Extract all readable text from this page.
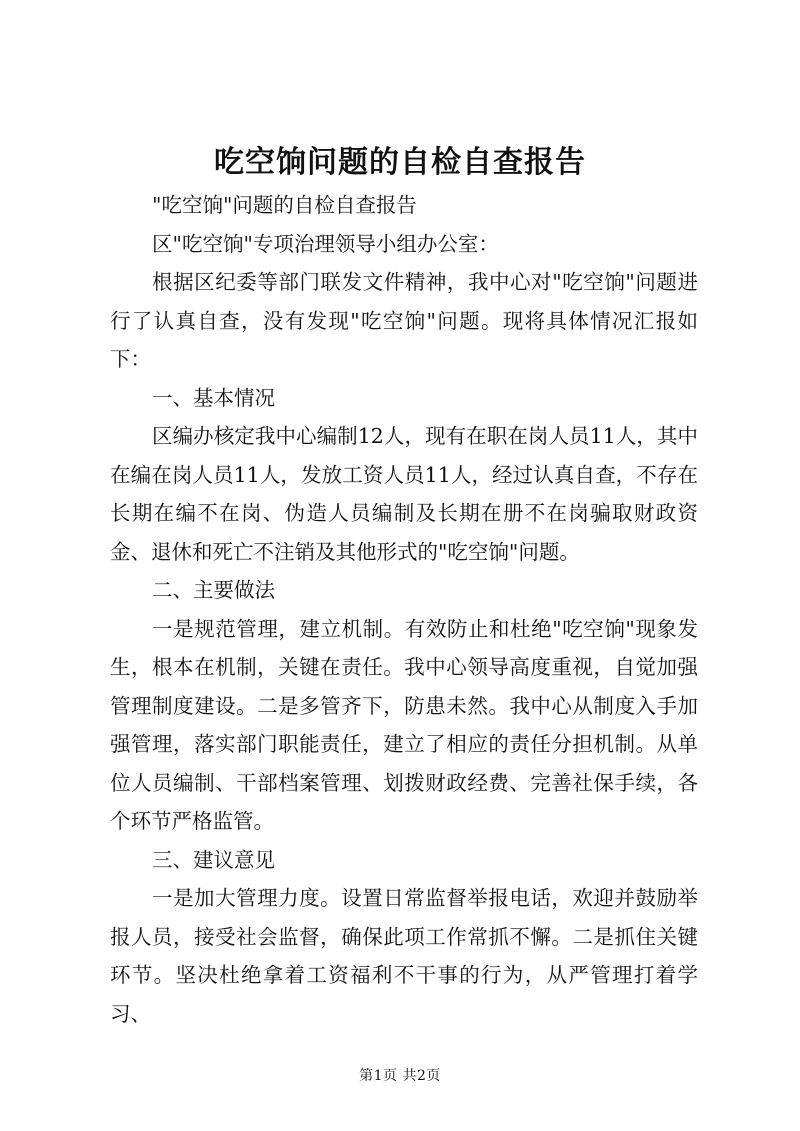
吃空饷问题的自检自查报告

"吃空饷"问题的自检自查报告

区"吃空饷"专项治理领导小组办公室：

根据区纪委等部门联发文件精神，我中心对"吃空饷"问题进行了认真自查，没有发现"吃空饷"问题。现将具体情况汇报如下：

一、基本情况

区编办核定我中心编制12人，现有在职在岗人员11人，其中在编在岗人员11人，发放工资人员11人，经过认真自查，不存在长期在编不在岗、伪造人员编制及长期在册不在岗骗取财政资金、退休和死亡不注销及其他形式的"吃空饷"问题。

二、主要做法

一是规范管理，建立机制。有效防止和杜绝"吃空饷"现象发生，根本在机制，关键在责任。我中心领导高度重视，自觉加强管理制度建设。二是多管齐下，防患未然。我中心从制度入手加强管理，落实部门职能责任，建立了相应的责任分担机制。从单位人员编制、干部档案管理、划拨财政经费、完善社保手续，各个环节严格监管。

三、建议意见

一是加大管理力度。设置日常监督举报电话，欢迎并鼓励举报人员，接受社会监督，确保此项工作常抓不懈。二是抓住关键环节。坚决杜绝拿着工资福利不干事的行为，从严管理打着学习、

第1页 共2页
